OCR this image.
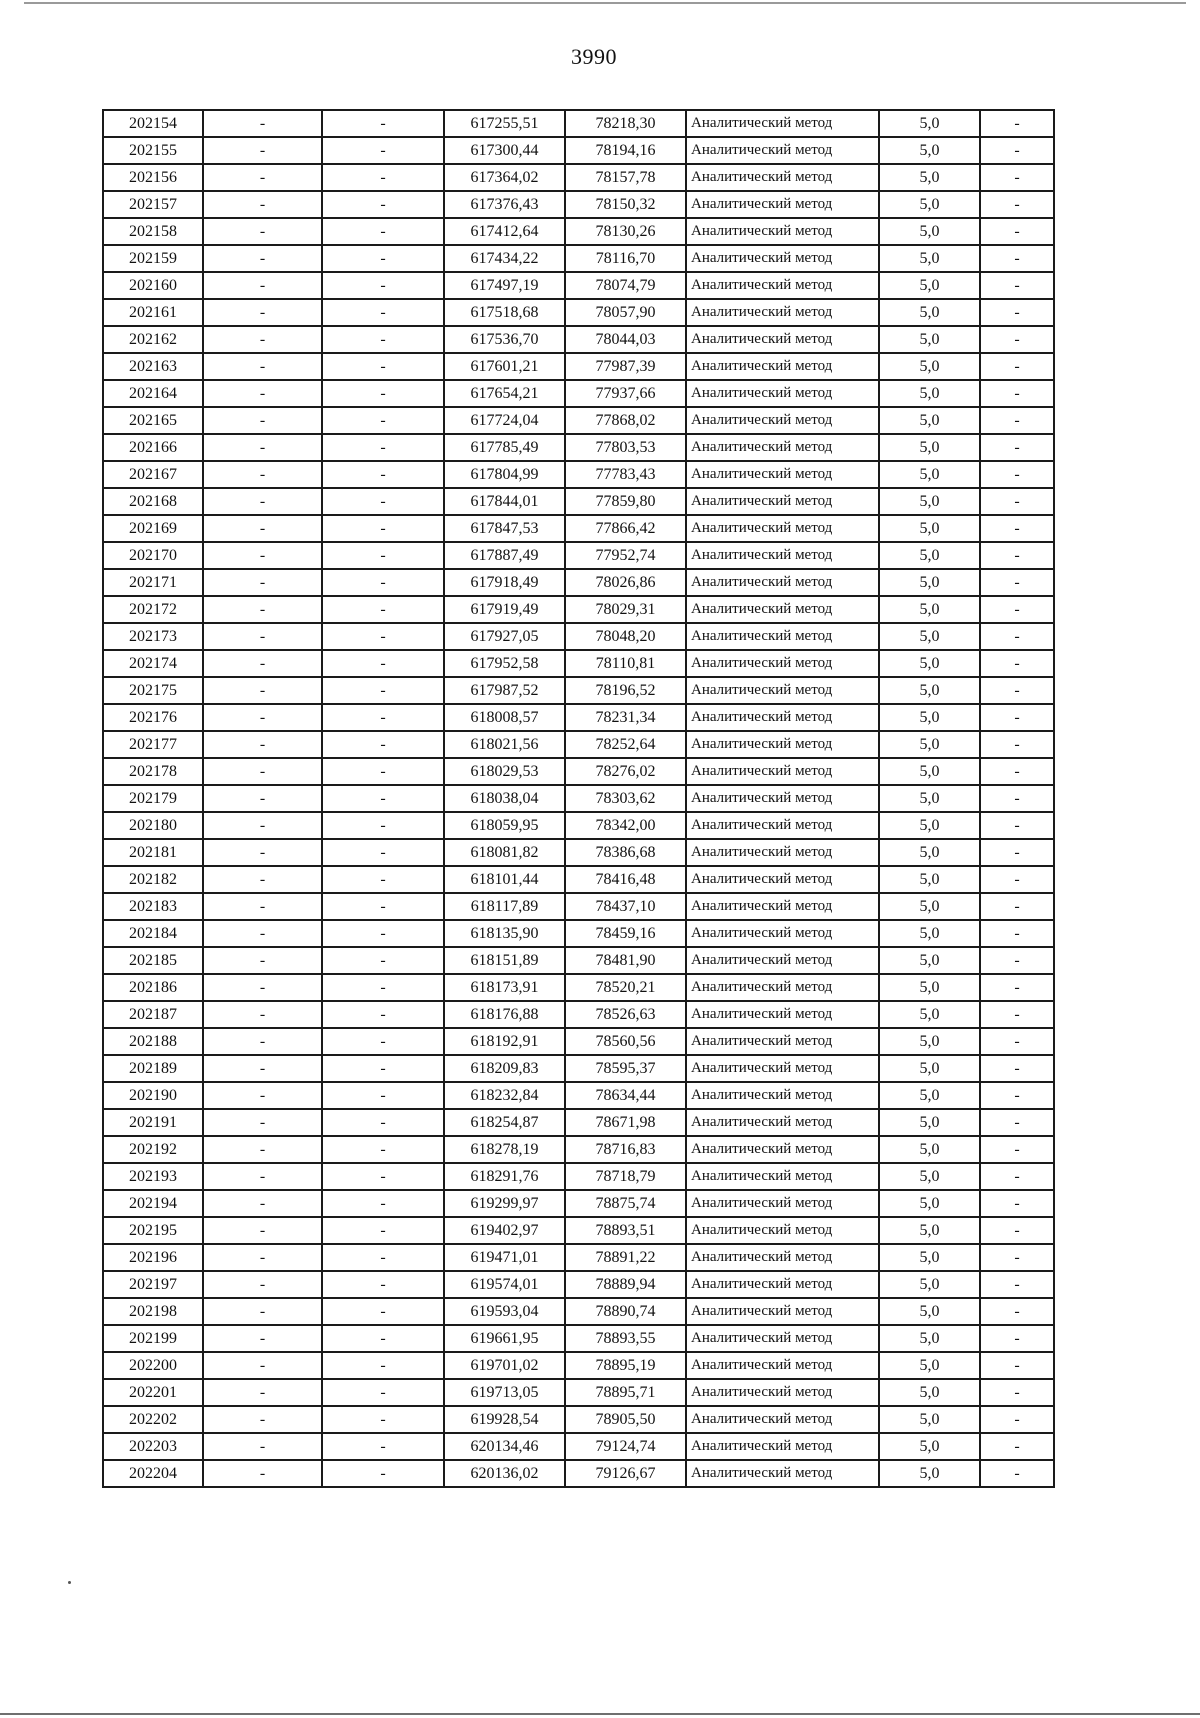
3990
202154	-	-	617255,51	78218,30	Аналитический метод	5,0	-
202155	-	-	617300,44	78194,16	Аналитический метод	5,0	-
202156	-	-	617364,02	78157,78	Аналитический метод	5,0	-
202157	-	-	617376,43	78150,32	Аналитический метод	5,0	-
202158	-	-	617412,64	78130,26	Аналитический метод	5,0	-
202159	-	-	617434,22	78116,70	Аналитический метод	5,0	-
202160	-	-	617497,19	78074,79	Аналитический метод	5,0	-
202161	-	-	617518,68	78057,90	Аналитический метод	5,0	-
202162	-	-	617536,70	78044,03	Аналитический метод	5,0	-
202163	-	-	617601,21	77987,39	Аналитический метод	5,0	-
202164	-	-	617654,21	77937,66	Аналитический метод	5,0	-
202165	-	-	617724,04	77868,02	Аналитический метод	5,0	-
202166	-	-	617785,49	77803,53	Аналитический метод	5,0	-
202167	-	-	617804,99	77783,43	Аналитический метод	5,0	-
202168	-	-	617844,01	77859,80	Аналитический метод	5,0	-
202169	-	-	617847,53	77866,42	Аналитический метод	5,0	-
202170	-	-	617887,49	77952,74	Аналитический метод	5,0	-
202171	-	-	617918,49	78026,86	Аналитический метод	5,0	-
202172	-	-	617919,49	78029,31	Аналитический метод	5,0	-
202173	-	-	617927,05	78048,20	Аналитический метод	5,0	-
202174	-	-	617952,58	78110,81	Аналитический метод	5,0	-
202175	-	-	617987,52	78196,52	Аналитический метод	5,0	-
202176	-	-	618008,57	78231,34	Аналитический метод	5,0	-
202177	-	-	618021,56	78252,64	Аналитический метод	5,0	-
202178	-	-	618029,53	78276,02	Аналитический метод	5,0	-
202179	-	-	618038,04	78303,62	Аналитический метод	5,0	-
202180	-	-	618059,95	78342,00	Аналитический метод	5,0	-
202181	-	-	618081,82	78386,68	Аналитический метод	5,0	-
202182	-	-	618101,44	78416,48	Аналитический метод	5,0	-
202183	-	-	618117,89	78437,10	Аналитический метод	5,0	-
202184	-	-	618135,90	78459,16	Аналитический метод	5,0	-
202185	-	-	618151,89	78481,90	Аналитический метод	5,0	-
202186	-	-	618173,91	78520,21	Аналитический метод	5,0	-
202187	-	-	618176,88	78526,63	Аналитический метод	5,0	-
202188	-	-	618192,91	78560,56	Аналитический метод	5,0	-
202189	-	-	618209,83	78595,37	Аналитический метод	5,0	-
202190	-	-	618232,84	78634,44	Аналитический метод	5,0	-
202191	-	-	618254,87	78671,98	Аналитический метод	5,0	-
202192	-	-	618278,19	78716,83	Аналитический метод	5,0	-
202193	-	-	618291,76	78718,79	Аналитический метод	5,0	-
202194	-	-	619299,97	78875,74	Аналитический метод	5,0	-
202195	-	-	619402,97	78893,51	Аналитический метод	5,0	-
202196	-	-	619471,01	78891,22	Аналитический метод	5,0	-
202197	-	-	619574,01	78889,94	Аналитический метод	5,0	-
202198	-	-	619593,04	78890,74	Аналитический метод	5,0	-
202199	-	-	619661,95	78893,55	Аналитический метод	5,0	-
202200	-	-	619701,02	78895,19	Аналитический метод	5,0	-
202201	-	-	619713,05	78895,71	Аналитический метод	5,0	-
202202	-	-	619928,54	78905,50	Аналитический метод	5,0	-
202203	-	-	620134,46	79124,74	Аналитический метод	5,0	-
202204	-	-	620136,02	79126,67	Аналитический метод	5,0	-
